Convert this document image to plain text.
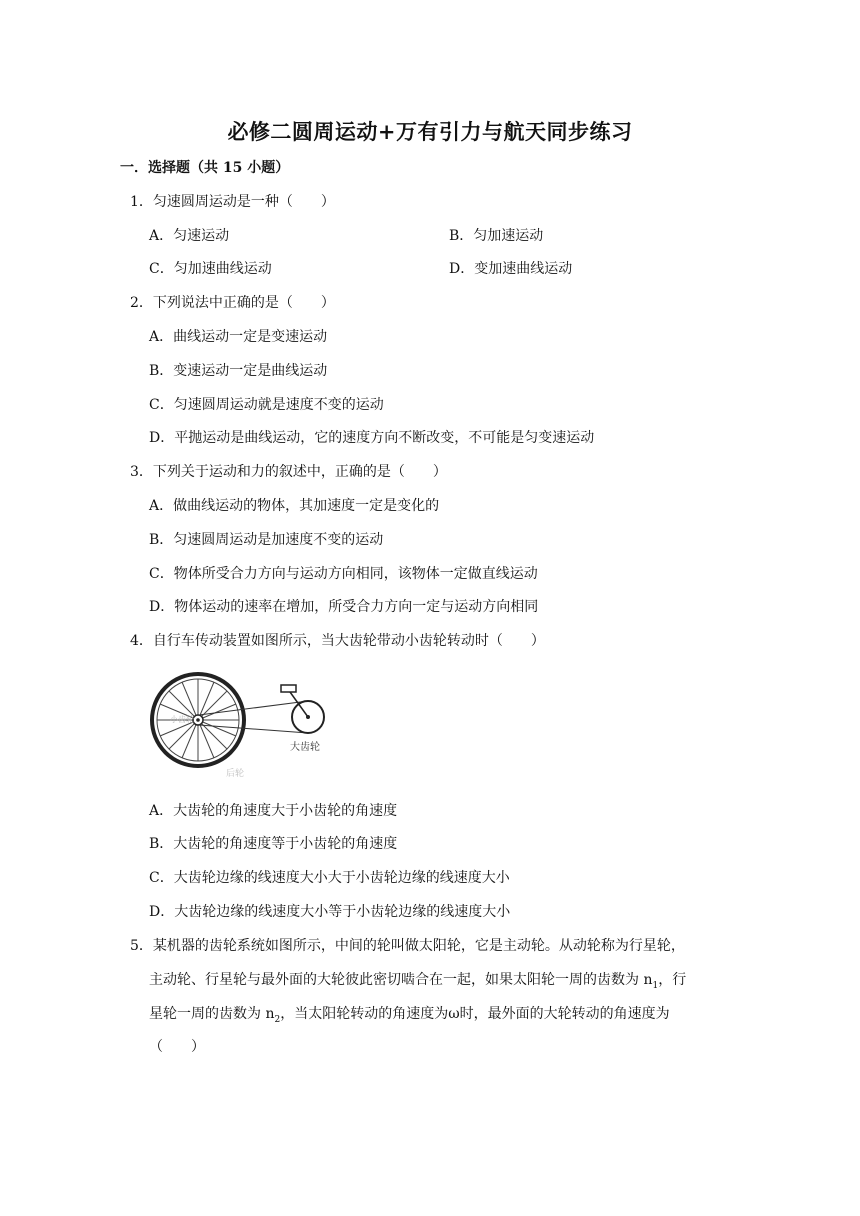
必修二圆周运动+万有引力与航天同步练习
一．选择题（共 15 小题）
1．匀速圆周运动是一种（　　）
A．匀速运动	B．匀加速运动
C．匀加速曲线运动	D．变加速曲线运动
2．下列说法中正确的是（　　）
A．曲线运动一定是变速运动
B．变速运动一定是曲线运动
C．匀速圆周运动就是速度不变的运动
D．平抛运动是曲线运动，它的速度方向不断改变，不可能是匀变速运动
3．下列关于运动和力的叙述中，正确的是（　　）
A．做曲线运动的物体，其加速度一定是变化的
B．匀速圆周运动是加速度不变的运动
C．物体所受合力方向与运动方向相同，该物体一定做直线运动
D．物体运动的速率在增加，所受合力方向一定与运动方向相同
4．自行车传动装置如图所示，当大齿轮带动小齿轮转动时（　　）
大齿轮
小齿轮
后轮
A．大齿轮的角速度大于小齿轮的角速度
B．大齿轮的角速度等于小齿轮的角速度
C．大齿轮边缘的线速度大小大于小齿轮边缘的线速度大小
D．大齿轮边缘的线速度大小等于小齿轮边缘的线速度大小
5．某机器的齿轮系统如图所示，中间的轮叫做太阳轮，它是主动轮。从动轮称为行星轮，
主动轮、行星轮与最外面的大轮彼此密切啮合在一起，如果太阳轮一周的齿数为 $n_1$，行
星轮一周的齿数为 $n_2$，当太阳轮转动的角速度为ω时，最外面的大轮转动的角速度为
（　　）
